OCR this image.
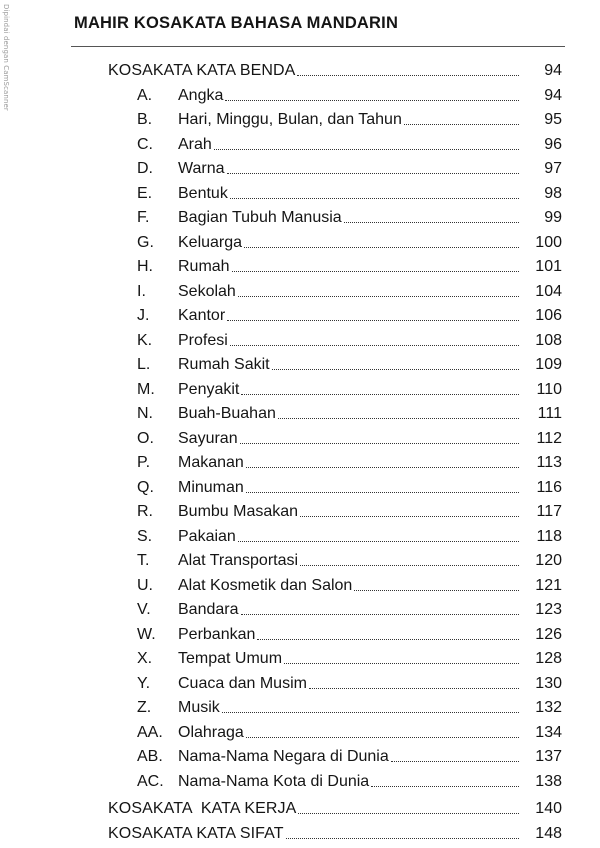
Dipindai dengan CamScanner	MAHIR KOSAKATA BAHASA MANDARIN
KOSAKATA KATA BENDA	94
A.	Angka	94
B.	Hari, Minggu, Bulan, dan Tahun	95
C.	Arah	96
D.	Warna	97
E.	Bentuk	98
F.	Bagian Tubuh Manusia	99
G.	Keluarga	100
H.	Rumah	101
I.	Sekolah	104
J.	Kantor	106
K.	Profesi	108
L.	Rumah Sakit	109
M.	Penyakit	110
N.	Buah-Buahan	111
O.	Sayuran	112
P.	Makanan	113
Q.	Minuman	116
R.	Bumbu Masakan	117
S.	Pakaian	118
T.	Alat Transportasi	120
U.	Alat Kosmetik dan Salon	121
V.	Bandara	123
W.	Perbankan	126
X.	Tempat Umum	128
Y.	Cuaca dan Musim	130
Z.	Musik	132
AA. Olahraga	134
AB. Nama-Nama Negara di Dunia	137
AC. Nama-Nama Kota di Dunia	138
KOSAKATA  KATA KERJA	140
KOSAKATA KATA SIFAT	148
